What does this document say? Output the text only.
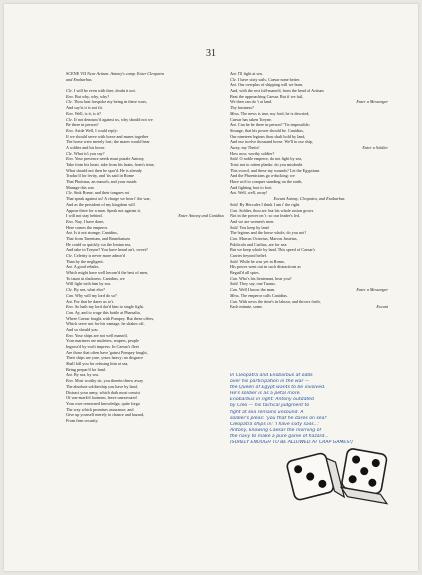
31
SCENE VII Near Actium. Antony's camp. Enter Cleopatra
and Enobarbus
Cle. I will be even with thee, doubt it not.
Eno. But why, why, why?
Cle. Thou hast forspoke my being in these wars,
And say'st it is not fit.
Eno. Well, is it, is it?
Cle. If not denounc'd against us, why should not we
Be there in person?
Eno. Aside Well, I could reply:
If we should serve with horse and mares together
The horse were merely lost; the mares would bear
A soldier and his horse.
Cle. What is't you say?
Eno. Your presence needs must puzzle Antony,
Take from his heart, take from his brain, from's time,
What should not then be spar'd. He is already
Traduc'd for levity, and 'tis said in Rome
That Photinus, an eunuch, and your maids
Manage this war.
Cle. Sink Rome, and their tongues rot
That speak against us! A charge we bear i' the war,
And as the president of my kingdom will
Appear there for a man. Speak not against it,
I will not stay behind.	Enter Antony and Canidius
Eno. Nay, I have done,
Here comes the emperor.
Ant. Is it not strange, Canidius,
That from Tarentum, and Brundusium
He could so quickly cut the Ionian sea,
And take in Toryne? You have heard on't, sweet?
Cle. Celerity is never more admir'd
Than by the negligent.
Ant. A good rebuke,
Which might have well becom'd the best of men,
To taunt at slackness. Canidius, we
Will fight with him by sea.
Cle. By sea, what else?
Can. Why will my lord do so?
Ant. For that he dares us to't.
Eno. So hath my lord dar'd him to single fight.
Can. Ay, and to wage this battle at Pharsalia,
Where Caesar fought with Pompey. But these offers,
Which serve not for his vantage, he shakes off,
And so should you.
Eno. Your ships are not well mann'd,
Your mariners are muleters, reapers, people
Ingross'd by swift impress. In Caesar's fleet
Are those that often have 'gainst Pompey fought,
Their ships are yare, yours heavy; no disgrace
Shall fall you for refusing him at sea,
Being prepar'd for land.
Ant. By sea, by sea.
Eno. Most worthy sir, you therein throw away
The absolute soldiership you have by land,
Distract your army, which doth most consist
Of war-mark'd footmen, leave unexecuted
Your own renowned knowledge, quite forgo
The way which promises assurance, and
Give up yourself merely to chance and hazard,
From firm security.
Ant. I'll fight at sea.
Cle. I have sixty sails, Caesar none better.
Ant. Our overplus of shipping will we burn,
And, with the rest full-mann'd, from the head of Actium
Beat the approaching Caesar. But if we fail,
We then can do 't at land.	Enter a Messenger
Thy business?
Mess. The news is true, my lord, he is descried,
Caesar has taken Toryne.
Ant. Can he be there in person? 'Tis impossible;
Strange, that his power should be. Canidius,
Our nineteen legions thou shalt hold by land,
And our twelve thousand horse. We'll to our ship,
Away, my Thetis!	Enter a Soldier
How now, worthy soldier?
Sold. O noble emperor, do not fight by sea,
Trust not to rotten planks: do you misdoubt
This sword, and these my wounds? Let the Egyptians
And the Phoenicians go a-ducking: we
Have us'd to conquer standing on the earth,
And fighting foot to foot.
Ant. Well, well, away!
Exeunt Antony, Cleopatra, and Enobarbus
Sold. By Hercules I think I am i' the right.
Can. Soldier, thou art: but his whole action grows
Not in the power on 't: so our leader's led,
And we are women's men.
Sold. You keep by land
The legions and the horse whole, do you not?
Can. Marcus Octavius, Marcus Justeius,
Publicola and Caelius, are for sea:
But we keep whole by land. This speed of Caesar's
Carries beyond belief.
Sold. While he was yet in Rome,
His power went out in such distractions as
Beguil'd all spies.
Can. Who's his lieutenant, hear you?
Sold. They say, one Taurus.
Can. Well I know the man.	Enter a Messenger
Mess. The emperor calls Canidius.
Can. With news the time's in labour, and throws forth,
Each minute, some.	Exeunt
In Cleopatra and Enobarbus at odds
over his participation in the war —
the Queen of Egypt wants to be involved.
He's soldier is as a petal more.
Enobarbus in right: Antony outdated
by Cleo — his tactical judgment to
fight at sea remains unsound. A
soldier's pleas: 'you that he dares on sea!'
Cleopatra ships in: 'I have sixty sails...'
Antony, knowing Caesar the morning of
the navy to make a pure game of hazard...
(SURELY ENOUGH TO BE ALLOWED AT CRAP GAMES!)
